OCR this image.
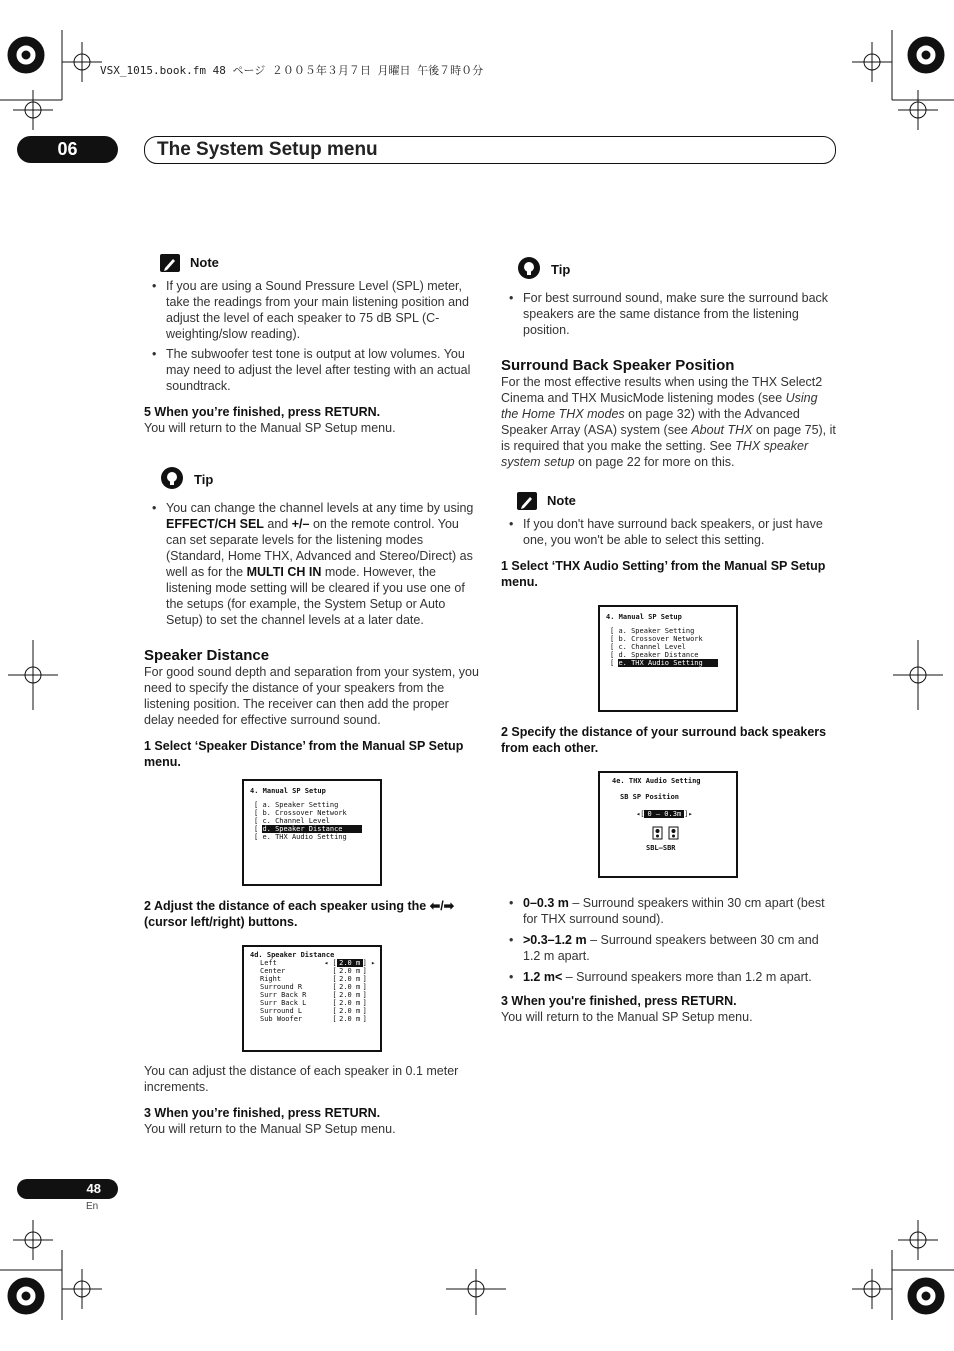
VSX_1015.book.fm 48 ページ ２００５年３月７日 月曜日 午後７時０分
06	The System Setup menu
Note
• If you are using a Sound Pressure Level (SPL) meter, take the readings from your main listening position and adjust the level of each speaker to 75 dB SPL (C-weighting/slow reading).
• The subwoofer test tone is output at low volumes. You may need to adjust the level after testing with an actual soundtrack.
5 When you’re finished, press RETURN.
You will return to the Manual SP Setup menu.
Tip
• You can change the channel levels at any time by using EFFECT/CH SEL and +/– on the remote control. You can set separate levels for the listening modes (Standard, Home THX, Advanced and Stereo/Direct) as well as for the MULTI CH IN mode. However, the listening mode setting will be cleared if you use one of the setups (for example, the System Setup or Auto Setup) to set the channel levels at a later date.
Speaker Distance
For good sound depth and separation from your system, you need to specify the distance of your speakers from the listening position. The receiver can then add the proper delay needed for effective surround sound.
1 Select ‘Speaker Distance’ from the Manual SP Setup menu.
4. Manual SP Setup
[ a. Speaker Setting
[ b. Crossover Network
[ c. Channel Level
[ d. Speaker Distance
[ e. THX Audio Setting
2 Adjust the distance of each speaker using the ⬅/➡ (cursor left/right) buttons.
4d. Speaker Distance
Left	◂ [ 2.0 m ] ▸
Center	[ 2.0 m ]
Right	[ 2.0 m ]
Surround R	[ 2.0 m ]
Surr Back R	[ 2.0 m ]
Surr Back L	[ 2.0 m ]
Surround L	[ 2.0 m ]
Sub Woofer	[ 2.0 m ]
You can adjust the distance of each speaker in 0.1 meter increments.
3 When you’re finished, press RETURN.
You will return to the Manual SP Setup menu.
Tip
• For best surround sound, make sure the surround back speakers are the same distance from the listening position.
Surround Back Speaker Position
For the most effective results when using the THX Select2 Cinema and THX MusicMode listening modes (see Using the Home THX modes on page 32) with the Advanced Speaker Array (ASA) system (see About THX on page 75), it is required that you make the setting. See THX speaker system setup on page 22 for more on this.
Note
• If you don't have surround back speakers, or just have one, you won't be able to select this setting.
1 Select ‘THX Audio Setting’ from the Manual SP Setup menu.
4. Manual SP Setup
[ a. Speaker Setting
[ b. Crossover Network
[ c. Channel Level
[ d. Speaker Distance
[ e. THX Audio Setting
2 Specify the distance of your surround back speakers from each other.
4e. THX Audio Setting
SB SP Position
◂[ 0 – 0.3m ]▸
SBL–SBR
• 0–0.3 m – Surround speakers within 30 cm apart (best for THX surround sound).
• >0.3–1.2 m – Surround speakers between 30 cm and 1.2 m apart.
• 1.2 m< – Surround speakers more than 1.2 m apart.
3 When you're finished, press RETURN.
You will return to the Manual SP Setup menu.
48
En
